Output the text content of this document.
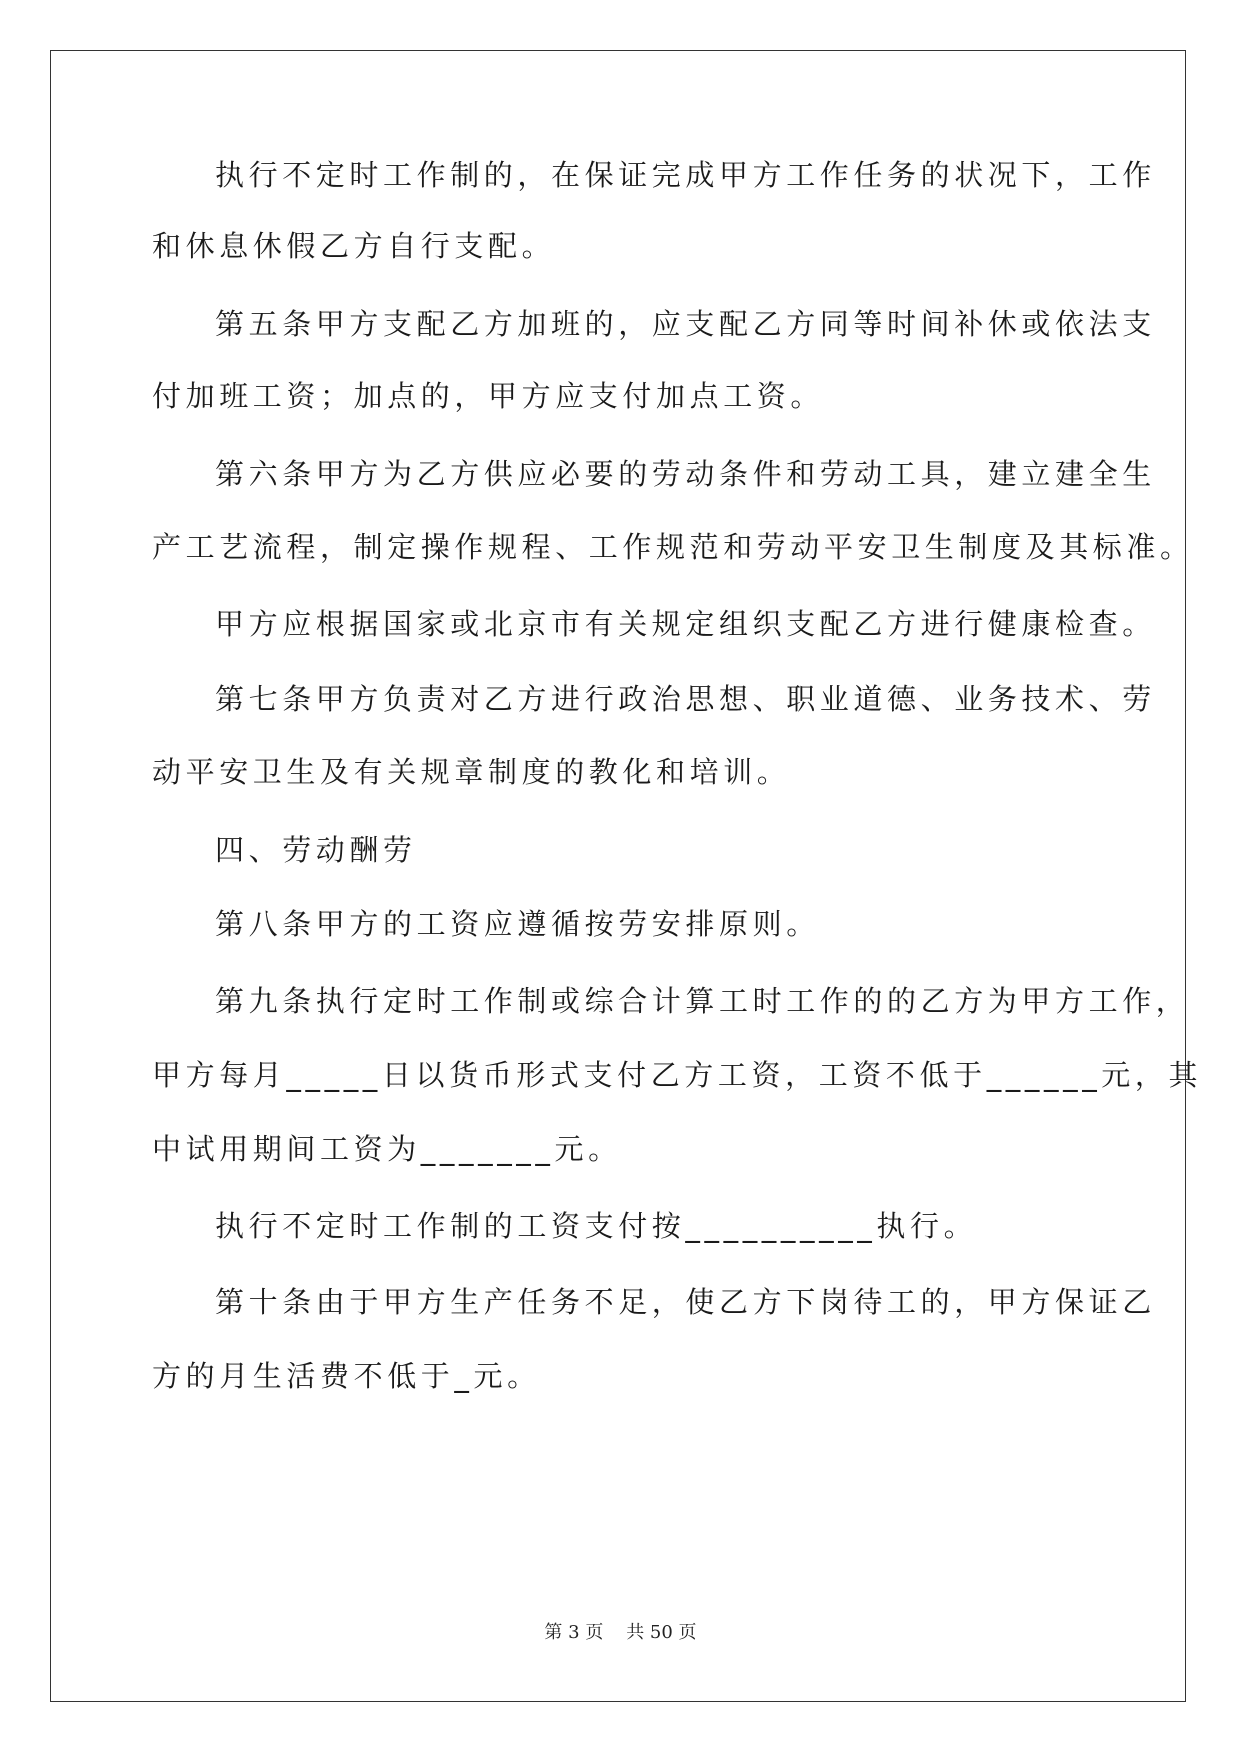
执行不定时工作制的，在保证完成甲方工作任务的状况下，工作

和休息休假乙方自行支配。

第五条甲方支配乙方加班的，应支配乙方同等时间补休或依法支

付加班工资；加点的，甲方应支付加点工资。

第六条甲方为乙方供应必要的劳动条件和劳动工具，建立建全生

产工艺流程，制定操作规程、工作规范和劳动平安卫生制度及其标准。

甲方应根据国家或北京市有关规定组织支配乙方进行健康检查。

第七条甲方负责对乙方进行政治思想、职业道德、业务技术、劳

动平安卫生及有关规章制度的教化和培训。

四、劳动酬劳

第八条甲方的工资应遵循按劳安排原则。

第九条执行定时工作制或综合计算工时工作的的乙方为甲方工作，

甲方每月_____日以货币形式支付乙方工资，工资不低于______元，其

中试用期间工资为_______元。

执行不定时工作制的工资支付按__________执行。

第十条由于甲方生产任务不足，使乙方下岗待工的，甲方保证乙

方的月生活费不低于_元。

第 3 页    共 50 页
